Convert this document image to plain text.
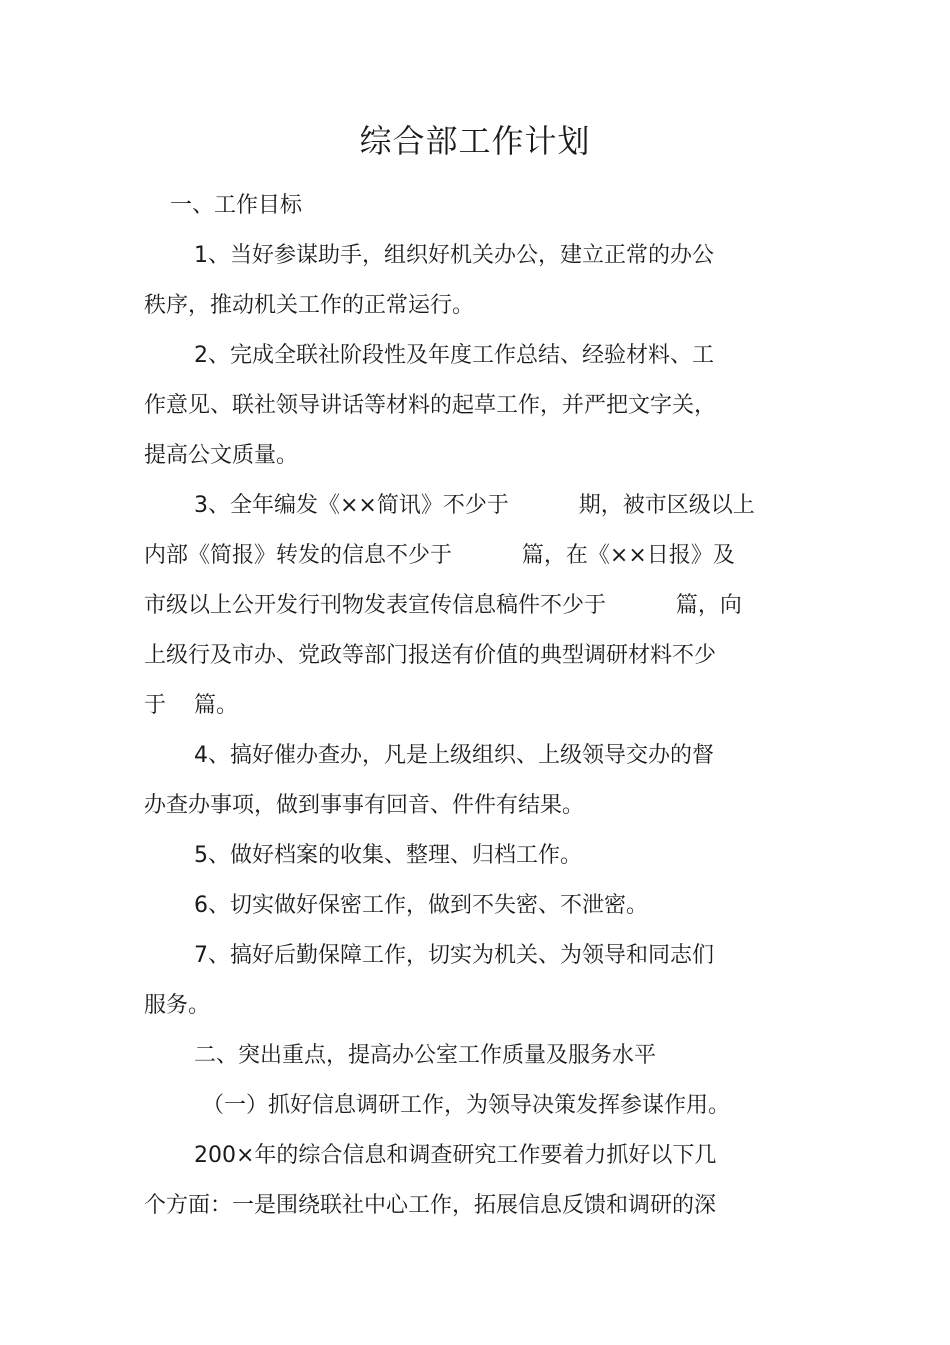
综合部工作计划
一、工作目标
1、当好参谋助手，组织好机关办公，建立正常的办公
秩序，推动机关工作的正常运行。
2、完成全联社阶段性及年度工作总结、经验材料、工
作意见、联社领导讲话等材料的起草工作，并严把文字关，
提高公文质量。
3、全年编发《××简讯》不少于          期，被市区级以上
内部《简报》转发的信息不少于          篇，在《××日报》及
市级以上公开发行刊物发表宣传信息稿件不少于          篇，向
上级行及市办、党政等部门报送有价值的典型调研材料不少
于    篇。
4、搞好催办查办，凡是上级组织、上级领导交办的督
办查办事项，做到事事有回音、件件有结果。
5、做好档案的收集、整理、归档工作。
6、切实做好保密工作，做到不失密、不泄密。
7、搞好后勤保障工作，切实为机关、为领导和同志们
服务。
二、突出重点，提高办公室工作质量及服务水平
（一）抓好信息调研工作，为领导决策发挥参谋作用。
200×年的综合信息和调查研究工作要着力抓好以下几
个方面：一是围绕联社中心工作，拓展信息反馈和调研的深
